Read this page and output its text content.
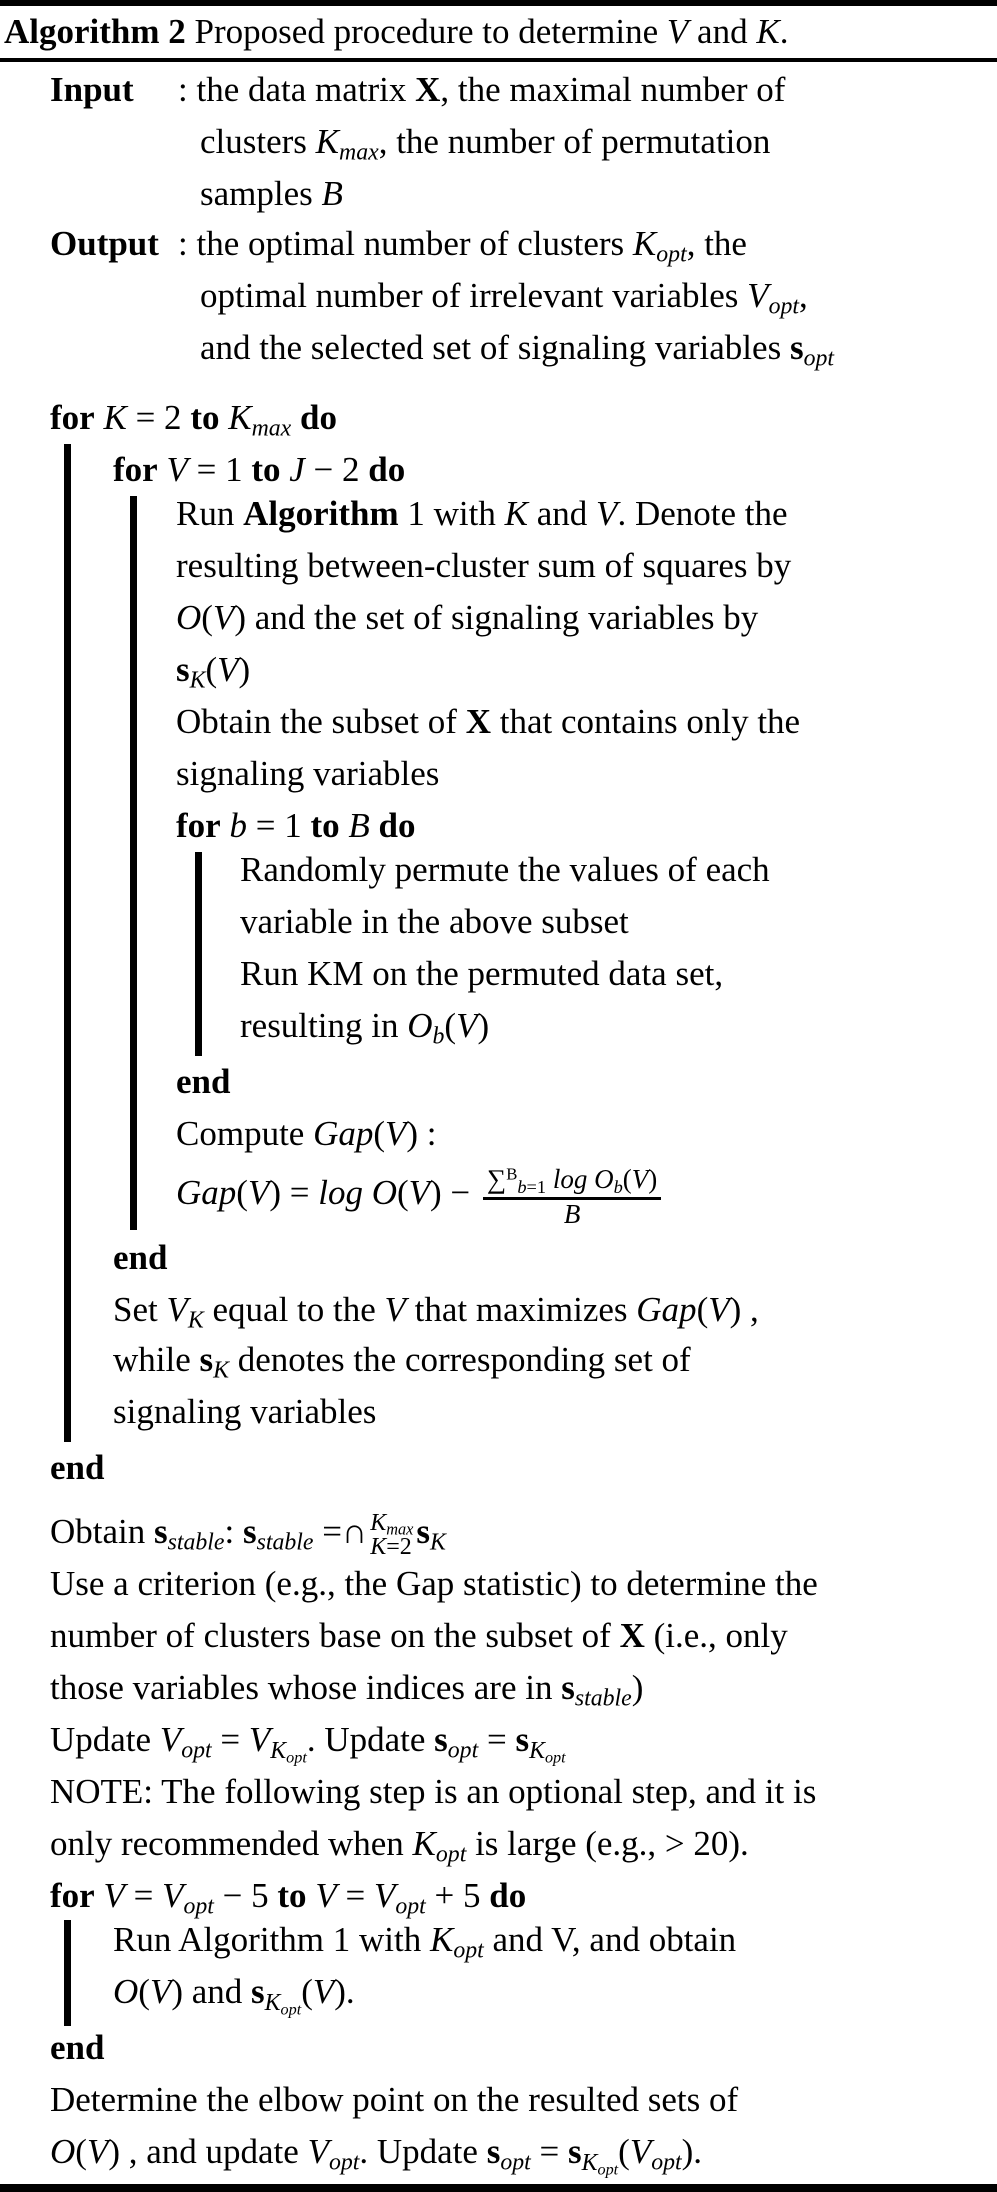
Algorithm 2 Proposed procedure to determine V and K.
Input : the data matrix X, the maximal number of
clusters $K_{max}$, the number of permutation
samples B
Output : the optimal number of clusters $K_{opt}$, the
optimal number of irrelevant variables $V_{opt}$,
and the selected set of signaling variables $s_{opt}$
for K = 2 to $K_{max}$ do
for V = 1 to J − 2 do
Run Algorithm 1 with K and V. Denote the
resulting between-cluster sum of squares by
O(V) and the set of signaling variables by
$s_K(V)$
Obtain the subset of X that contains only the
signaling variables
for b = 1 to B do
Randomly permute the values of each
variable in the above subset
Run KM on the permuted data set,
resulting in $O_b(V)$
end
Compute Gap(V) :
$Gap(V) = \log O(V) - \frac{\sum^B_{b=1} \log O_b(V)}{B}$
end
Set $V_K$ equal to the V that maximizes Gap(V) ,
while $s_K$ denotes the corresponding set of
signaling variables
end
Obtain $s_{stable}$: $s_{stable}$ =∩ $K_{max}$
K=2 $s_K$
Use a criterion (e.g., the Gap statistic) to determine the
number of clusters base on the subset of X (i.e., only
those variables whose indices are in $s_{stable}$)
Update $V_{opt} = V_{K_{opt}}$. Update $s_{opt} = s_{K_{opt}}$
NOTE: The following step is an optional step, and it is
only recommended when $K_{opt}$ is large (e.g., > 20).
for $V = V_{opt} - 5$ to $V = V_{opt} + 5$ do
Run Algorithm 1 with $K_{opt}$ and V, and obtain
O(V) and $s_{K_{opt}}(V)$.
end
Determine the elbow point on the resulted sets of
O(V) , and update $V_{opt}$. Update $s_{opt} = s_{K_{opt}}(V_{opt})$.
